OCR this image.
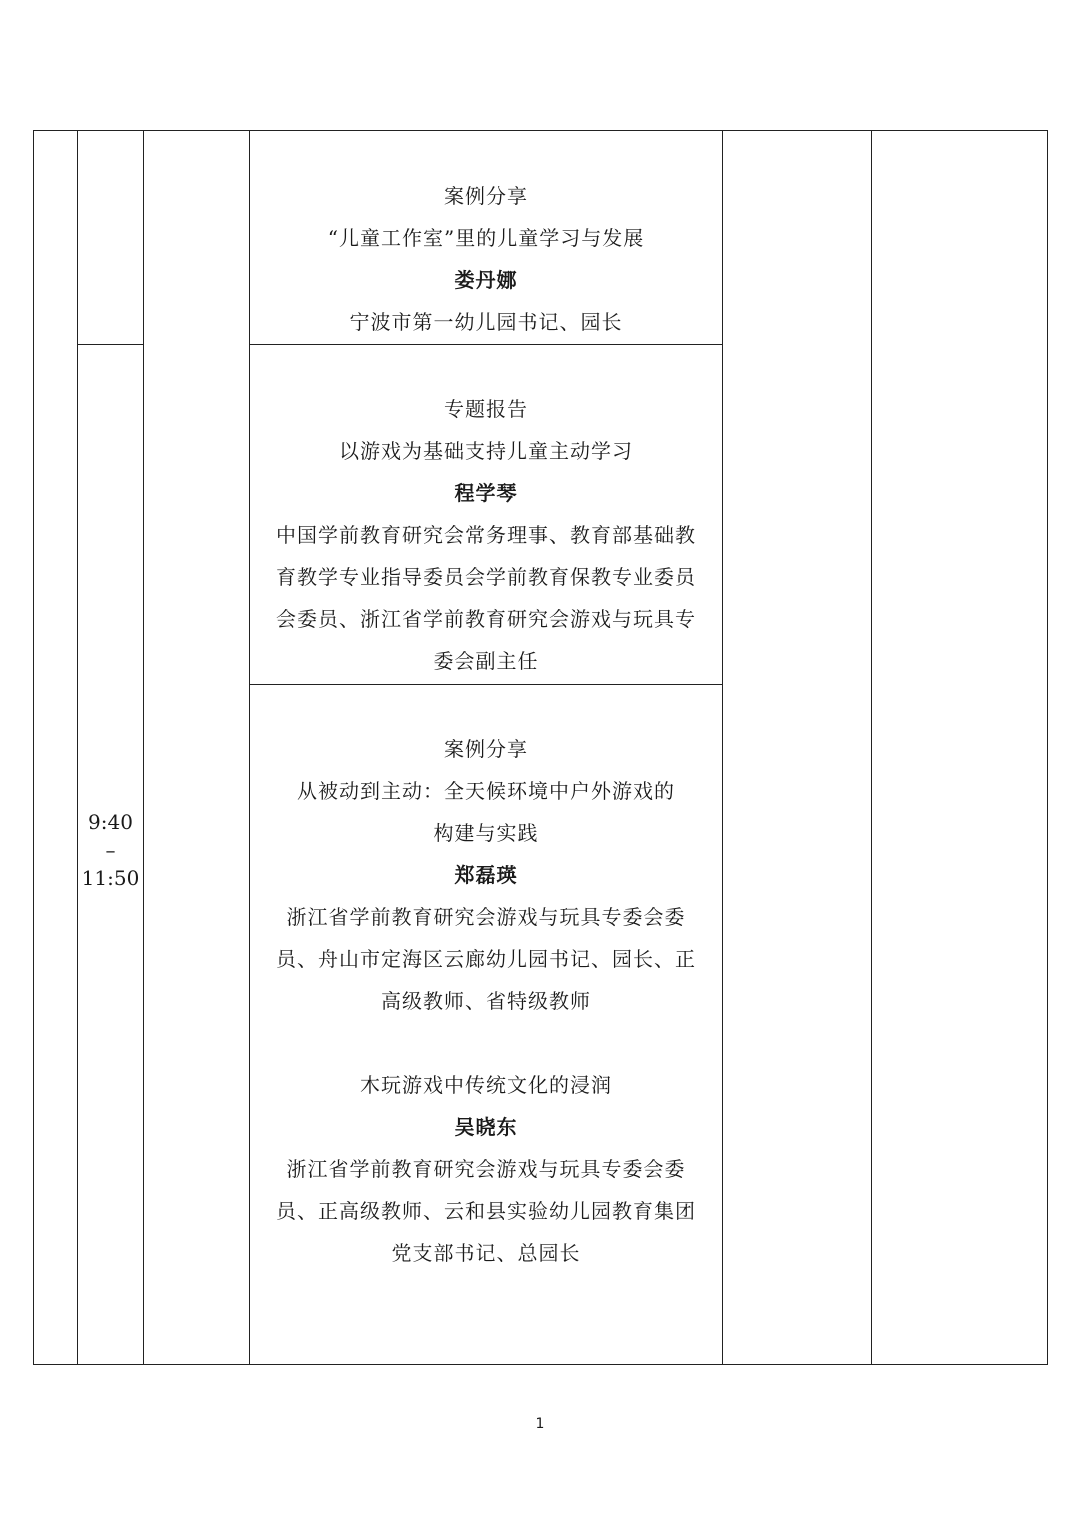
9:40
–
11:50
案例分享
“儿童工作室”里的儿童学习与发展
娄丹娜
宁波市第一幼儿园书记、园长
专题报告
以游戏为基础支持儿童主动学习
程学琴
中国学前教育研究会常务理事、教育部基础教
育教学专业指导委员会学前教育保教专业委员
会委员、浙江省学前教育研究会游戏与玩具专
委会副主任
案例分享
从被动到主动：全天候环境中户外游戏的
构建与实践
郑磊瑛
浙江省学前教育研究会游戏与玩具专委会委
员、舟山市定海区云廊幼儿园书记、园长、正
高级教师、省特级教师
木玩游戏中传统文化的浸润
吴晓东
浙江省学前教育研究会游戏与玩具专委会委
员、正高级教师、云和县实验幼儿园教育集团
党支部书记、总园长
1
